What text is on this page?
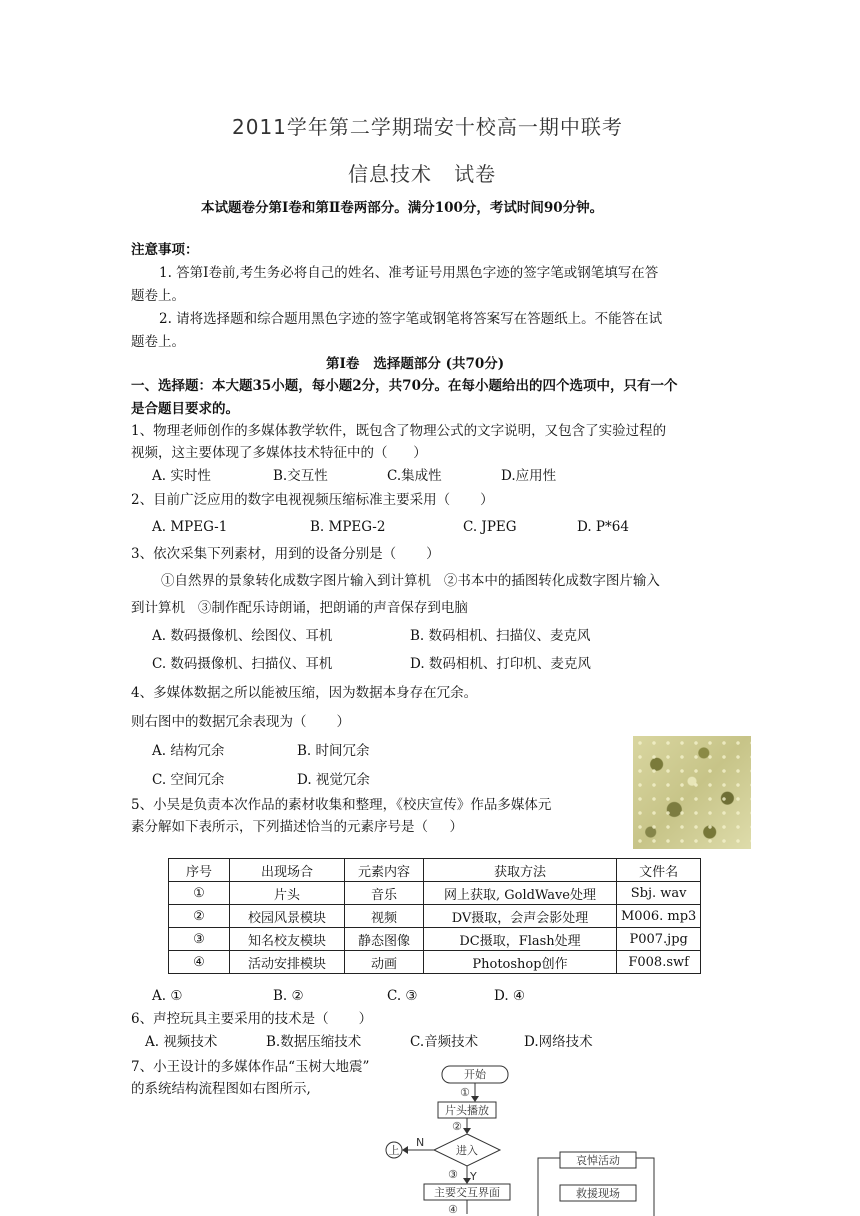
2011学年第二学期瑞安十校高一期中联考
信息技术   试卷
本试题卷分第Ⅰ卷和第Ⅱ卷两部分。满分100分，考试时间90分钟。
注意事项：
1. 答第Ⅰ卷前,考生务必将自己的姓名、准考证号用黑色字迹的签字笔或钢笔填写在答
题卷上。
2. 请将选择题和综合题用黑色字迹的签字笔或钢笔将答案写在答题纸上。不能答在试
题卷上。
第Ⅰ卷   选择题部分 (共70分)
一、选择题：本大题35小题，每小题2分，共70分。在每小题给出的四个选项中，只有一个
是合题目要求的。
1、物理老师创作的多媒体教学软件，既包含了物理公式的文字说明，又包含了实验过程的
视频，这主要体现了多媒体技术特征中的（      ）
A. 实时性	B.交互性	C.集成性	D.应用性
2、目前广泛应用的数字电视视频压缩标准主要采用（       ）
A. MPEG-1	B. MPEG-2	C. JPEG	D. P*64
3、依次采集下列素材，用到的设备分别是（       ）
①自然界的景象转化成数字图片输入到计算机   ②书本中的插图转化成数字图片输入
到计算机   ③制作配乐诗朗诵，把朗诵的声音保存到电脑
A. 数码摄像机、绘图仪、耳机	B. 数码相机、扫描仪、麦克风
C. 数码摄像机、扫描仪、耳机	D. 数码相机、打印机、麦克风
4、多媒体数据之所以能被压缩，因为数据本身存在冗余。
则右图中的数据冗余表现为（       ）
A. 结构冗余	B. 时间冗余
C. 空间冗余	D. 视觉冗余
5、小吴是负责本次作品的素材收集和整理，《校庆宣传》作品多媒体元
素分解如下表所示，下列描述恰当的元素序号是（     ）
序号	出现场合	元素内容	获取方法	文件名
①	片头	音乐	网上获取, GoldWave处理	Sbj. wav
②	校园风景模块	视频	DV摄取，会声会影处理	M006. mp3
③	知名校友模块	静态图像	DC摄取，Flash处理	P007.jpg
④	活动安排模块	动画	Photoshop创作	F008.swf
A. ①	B. ②	C. ③	D. ④
6、声控玩具主要采用的技术是（       ）
A. 视频技术	B.数据压缩技术	C.音频技术	D.网络技术
7、小王设计的多媒体作品“玉树大地震”
的系统结构流程图如右图所示,
开始
①
片头播放
②
进入
N
上
③ Y
主要交互界面
④
哀悼活动
救援现场
